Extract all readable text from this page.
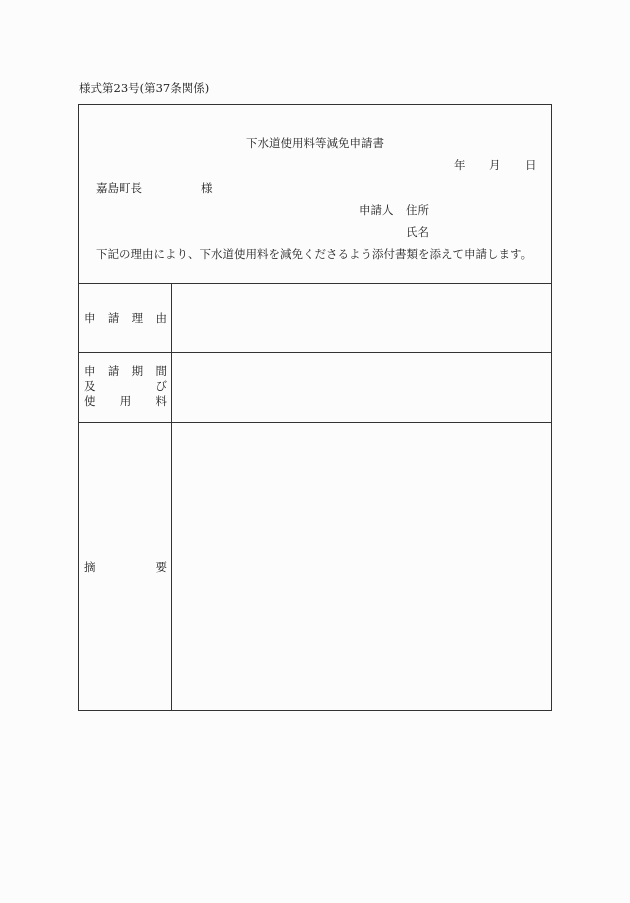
様式第23号(第37条関係)
下水道使用料等減免申請書
年 月 日
嘉島町長	様
申請人 住所
氏名
下記の理由により、下水道使用料を減免くださるよう添付書類を添えて申請します。
申 請 理 由
申 請 期 間
及	び
使 用 料
摘	要
